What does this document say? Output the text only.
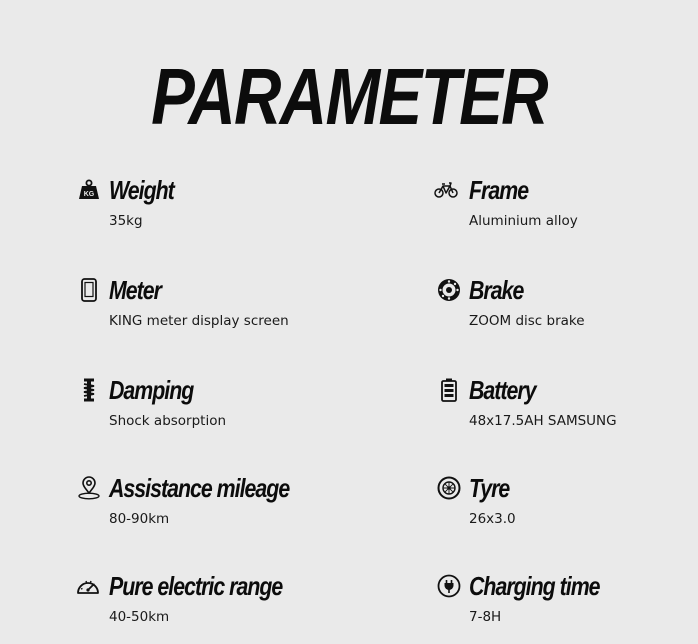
PARAMETER
KG Weight
35kg
Frame
Aluminium alloy
Meter
KING meter display screen
Brake
ZOOM disc brake
Damping
Shock absorption
Battery
48x17.5AH SAMSUNG
Assistance mileage
80-90km
Tyre
26x3.0
Pure electric range
40-50km
Charging time
7-8H
